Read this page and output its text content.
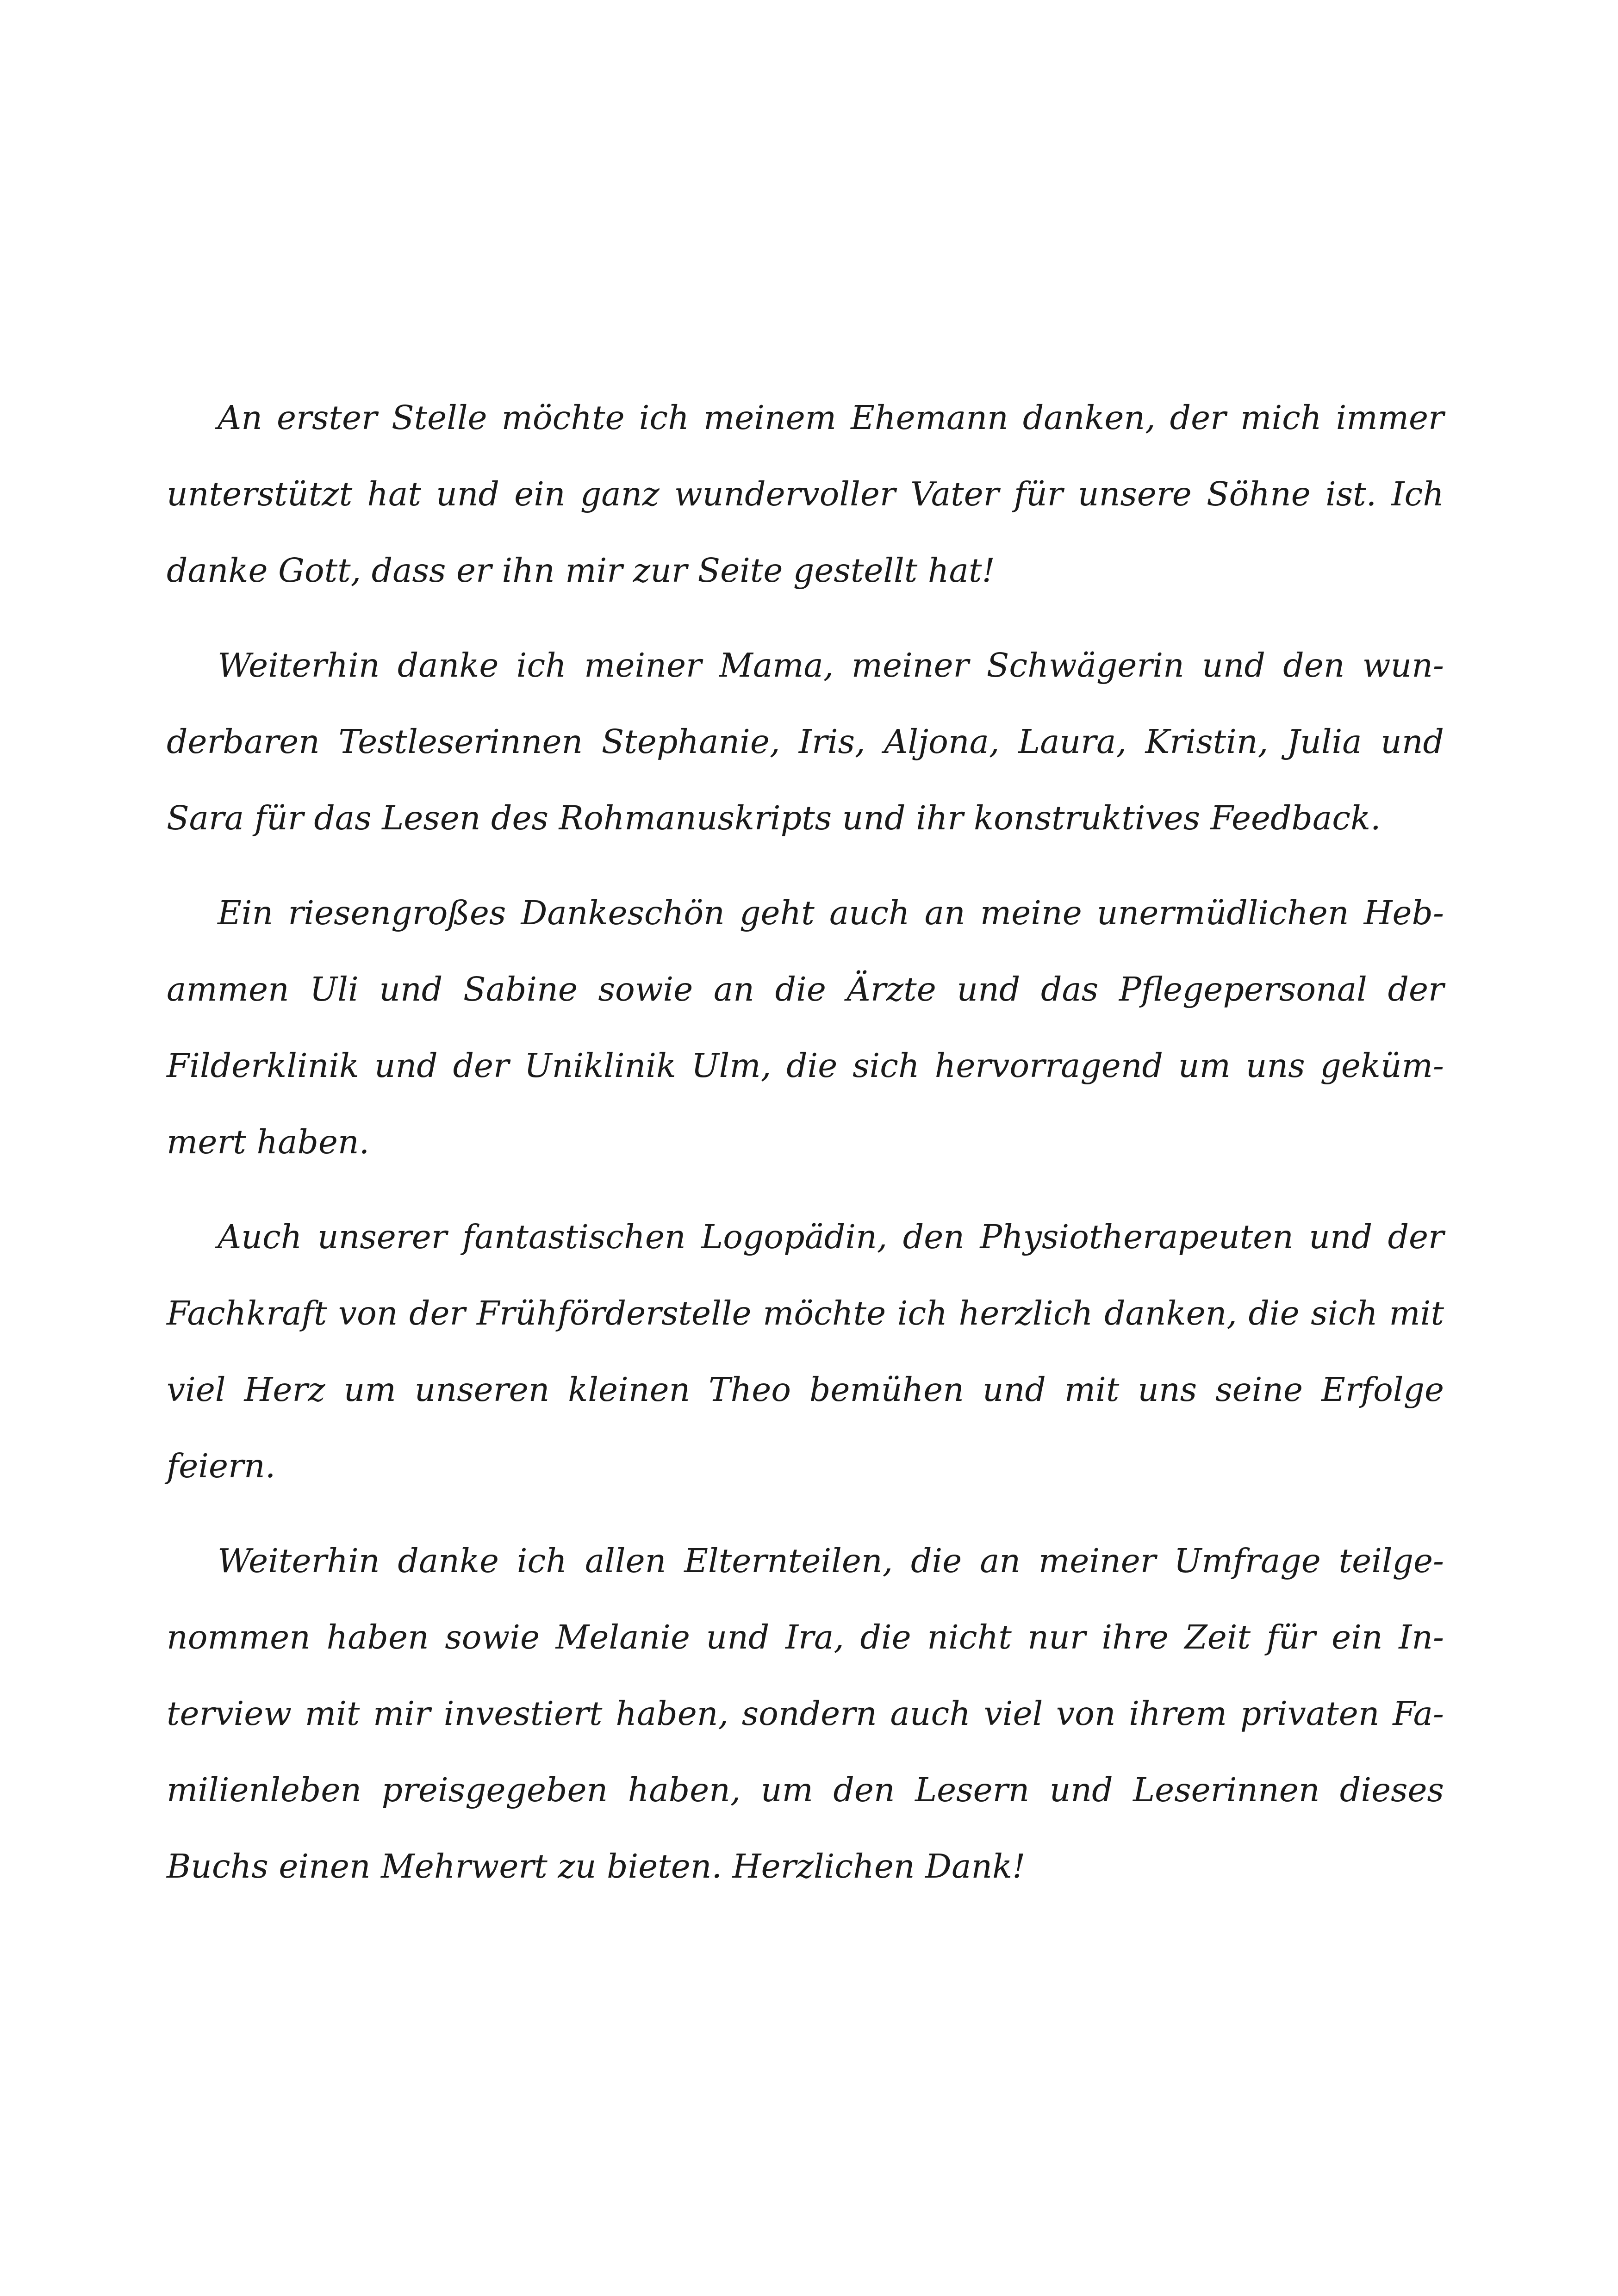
An erster Stelle möchte ich meinem Ehemann danken, der mich immer
unterstützt hat und ein ganz wundervoller Vater für unsere Söhne ist. Ich
danke Gott, dass er ihn mir zur Seite gestellt hat!
Weiterhin danke ich meiner Mama, meiner Schwägerin und den wun-
derbaren Testleserinnen Stephanie, Iris, Aljona, Laura, Kristin, Julia und
Sara für das Lesen des Rohmanuskripts und ihr konstruktives Feedback.
Ein riesengroßes Dankeschön geht auch an meine unermüdlichen Heb-
ammen Uli und Sabine sowie an die Ärzte und das Pflegepersonal der
Filderklinik und der Uniklinik Ulm, die sich hervorragend um uns geküm-
mert haben.
Auch unserer fantastischen Logopädin, den Physiotherapeuten und der
Fachkraft von der Frühförderstelle möchte ich herzlich danken, die sich mit
viel Herz um unseren kleinen Theo bemühen und mit uns seine Erfolge
feiern.
Weiterhin danke ich allen Elternteilen, die an meiner Umfrage teilge-
nommen haben sowie Melanie und Ira, die nicht nur ihre Zeit für ein In-
terview mit mir investiert haben, sondern auch viel von ihrem privaten Fa-
milienleben preisgegeben haben, um den Lesern und Leserinnen dieses
Buchs einen Mehrwert zu bieten. Herzlichen Dank!
